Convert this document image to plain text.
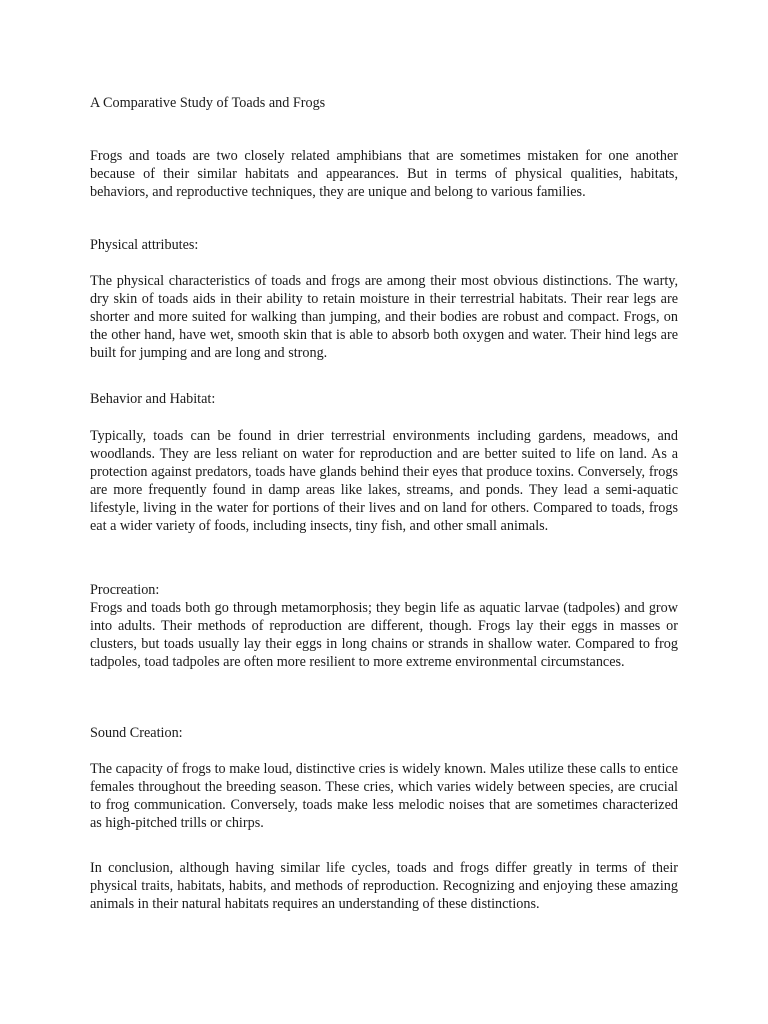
A Comparative Study of Toads and Frogs

Frogs and toads are two closely related amphibians that are sometimes mistaken for one another because of their similar habitats and appearances. But in terms of physical qualities, habitats, behaviors, and reproductive techniques, they are unique and belong to various families.

Physical attributes:

The physical characteristics of toads and frogs are among their most obvious distinctions. The warty, dry skin of toads aids in their ability to retain moisture in their terrestrial habitats. Their rear legs are shorter and more suited for walking than jumping, and their bodies are robust and compact. Frogs, on the other hand, have wet, smooth skin that is able to absorb both oxygen and water. Their hind legs are built for jumping and are long and strong.

Behavior and Habitat:

Typically, toads can be found in drier terrestrial environments including gardens, meadows, and woodlands. They are less reliant on water for reproduction and are better suited to life on land. As a protection against predators, toads have glands behind their eyes that produce toxins. Conversely, frogs are more frequently found in damp areas like lakes, streams, and ponds. They lead a semi-aquatic lifestyle, living in the water for portions of their lives and on land for others. Compared to toads, frogs eat a wider variety of foods, including insects, tiny fish, and other small animals.

Procreation:

Frogs and toads both go through metamorphosis; they begin life as aquatic larvae (tadpoles) and grow into adults. Their methods of reproduction are different, though. Frogs lay their eggs in masses or clusters, but toads usually lay their eggs in long chains or strands in shallow water. Compared to frog tadpoles, toad tadpoles are often more resilient to more extreme environmental circumstances.

Sound Creation:

The capacity of frogs to make loud, distinctive cries is widely known. Males utilize these calls to entice females throughout the breeding season. These cries, which varies widely between species, are crucial to frog communication. Conversely, toads make less melodic noises that are sometimes characterized as high-pitched trills or chirps.

In conclusion, although having similar life cycles, toads and frogs differ greatly in terms of their physical traits, habitats, habits, and methods of reproduction. Recognizing and enjoying these amazing animals in their natural habitats requires an understanding of these distinctions.
